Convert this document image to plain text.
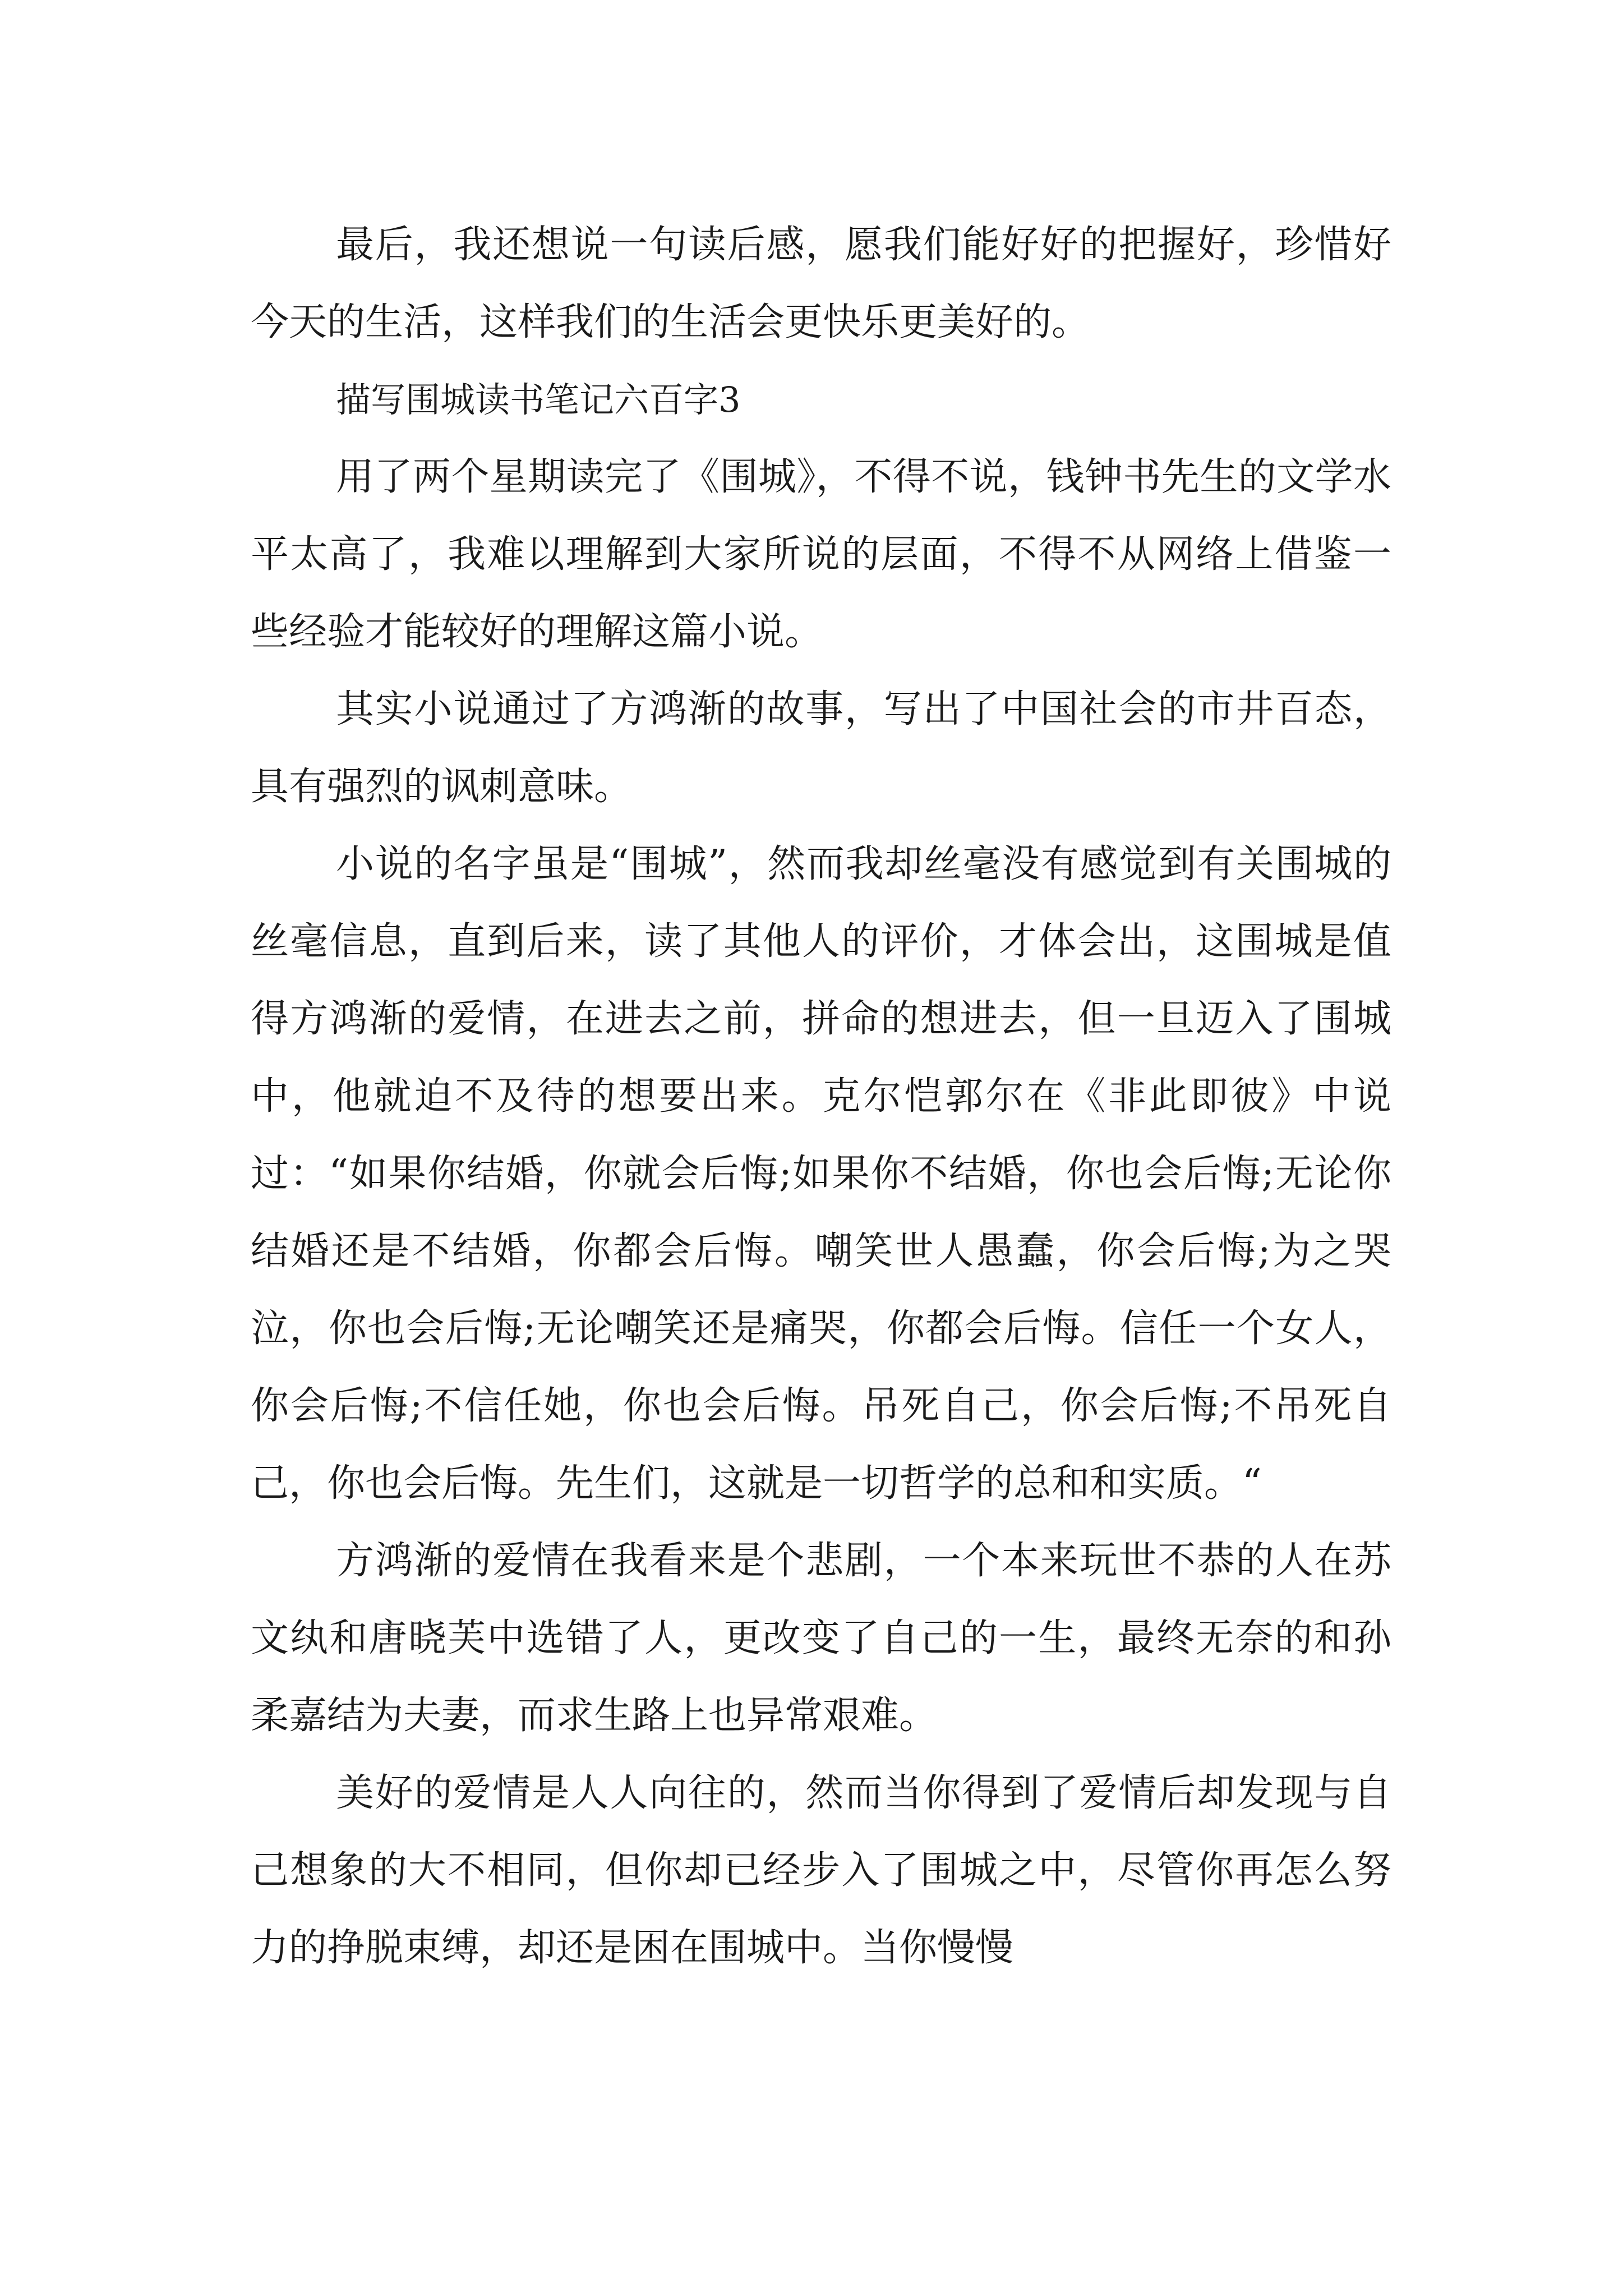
最后，我还想说一句读后感，愿我们能好好的把握好，珍惜好今天的生活，这样我们的生活会更快乐更美好的。

描写围城读书笔记六百字3

用了两个星期读完了《围城》，不得不说，钱钟书先生的文学水平太高了，我难以理解到大家所说的层面，不得不从网络上借鉴一些经验才能较好的理解这篇小说。

其实小说通过了方鸿渐的故事，写出了中国社会的市井百态，具有强烈的讽刺意味。

小说的名字虽是“围城”，然而我却丝毫没有感觉到有关围城的丝毫信息，直到后来，读了其他人的评价，才体会出，这围城是值得方鸿渐的爱情，在进去之前，拼命的想进去，但一旦迈入了围城中，他就迫不及待的想要出来。克尔恺郭尔在《非此即彼》中说过：“如果你结婚，你就会后悔;如果你不结婚，你也会后悔;无论你结婚还是不结婚，你都会后悔。嘲笑世人愚蠢，你会后悔;为之哭泣，你也会后悔;无论嘲笑还是痛哭，你都会后悔。信任一个女人，你会后悔;不信任她，你也会后悔。吊死自己，你会后悔;不吊死自己，你也会后悔。先生们，这就是一切哲学的总和和实质。“

方鸿渐的爱情在我看来是个悲剧，一个本来玩世不恭的人在苏文纨和唐晓芙中选错了人，更改变了自己的一生，最终无奈的和孙柔嘉结为夫妻，而求生路上也异常艰难。

美好的爱情是人人向往的，然而当你得到了爱情后却发现与自己想象的大不相同，但你却已经步入了围城之中，尽管你再怎么努力的挣脱束缚，却还是困在围城中。当你慢慢
